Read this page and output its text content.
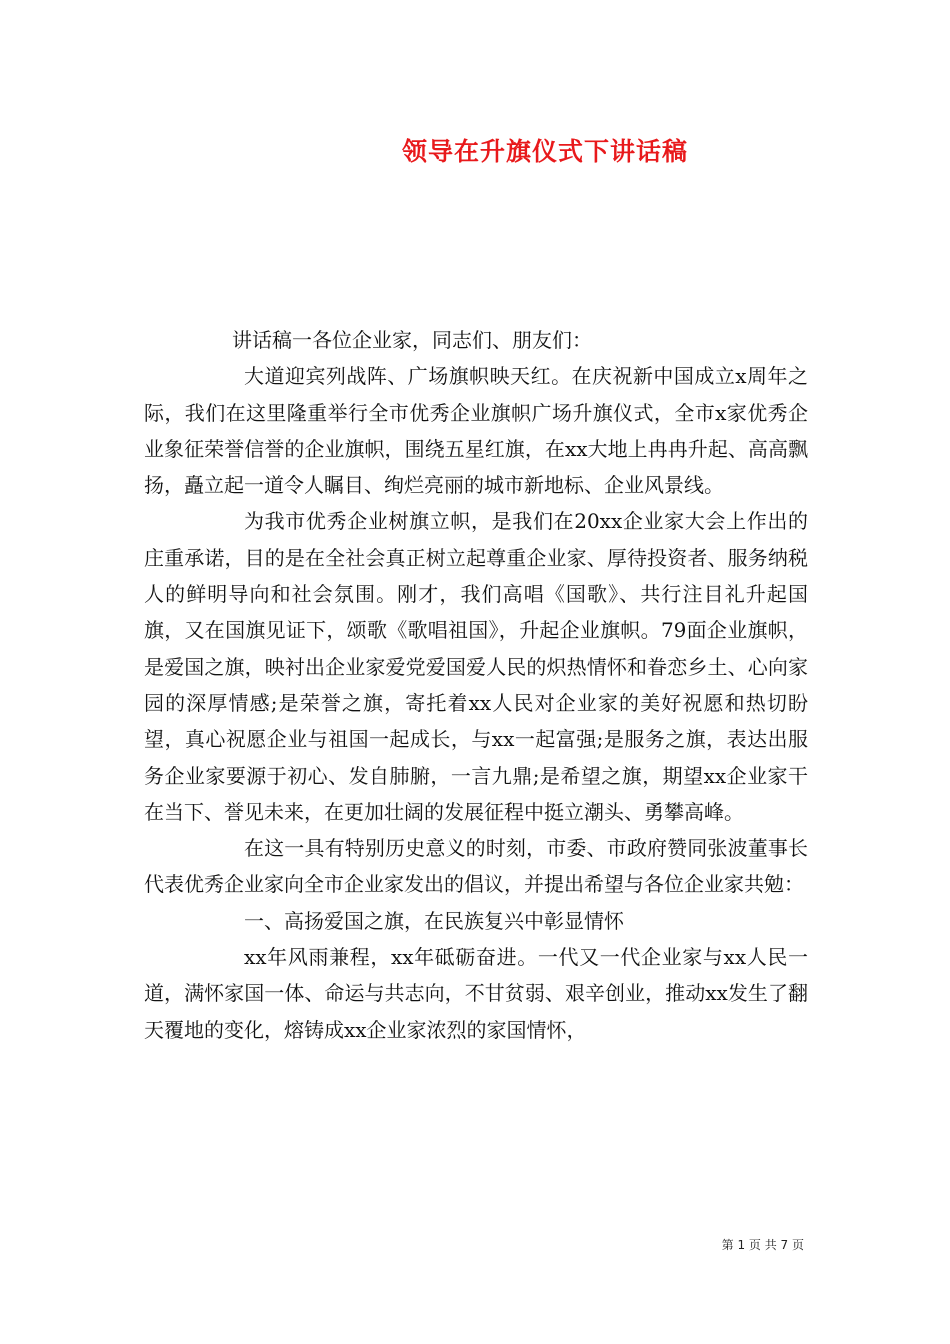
领导在升旗仪式下讲话稿

讲话稿一各位企业家，同志们、朋友们：

大道迎宾列战阵、广场旗帜映天红。在庆祝新中国成立x周年之际，我们在这里隆重举行全市优秀企业旗帜广场升旗仪式，全市x家优秀企业象征荣誉信誉的企业旗帜，围绕五星红旗，在xx大地上冉冉升起、高高飘扬，矗立起一道令人瞩目、绚烂亮丽的城市新地标、企业风景线。

为我市优秀企业树旗立帜，是我们在20xx企业家大会上作出的庄重承诺，目的是在全社会真正树立起尊重企业家、厚待投资者、服务纳税人的鲜明导向和社会氛围。刚才，我们高唱《国歌》、共行注目礼升起国旗，又在国旗见证下，颂歌《歌唱祖国》，升起企业旗帜。79面企业旗帜，是爱国之旗，映衬出企业家爱党爱国爱人民的炽热情怀和眷恋乡土、心向家园的深厚情感;是荣誉之旗，寄托着xx人民对企业家的美好祝愿和热切盼望，真心祝愿企业与祖国一起成长，与xx一起富强;是服务之旗，表达出服务企业家要源于初心、发自肺腑，一言九鼎;是希望之旗，期望xx企业家干在当下、誉见未来，在更加壮阔的发展征程中挺立潮头、勇攀高峰。

在这一具有特别历史意义的时刻，市委、市政府赞同张波董事长代表优秀企业家向全市企业家发出的倡议，并提出希望与各位企业家共勉：

一、高扬爱国之旗，在民族复兴中彰显情怀

xx年风雨兼程，xx年砥砺奋进。一代又一代企业家与xx人民一道，满怀家国一体、命运与共志向，不甘贫弱、艰辛创业，推动xx发生了翻天覆地的变化，熔铸成xx企业家浓烈的家国情怀，

第 1 页 共 7 页
